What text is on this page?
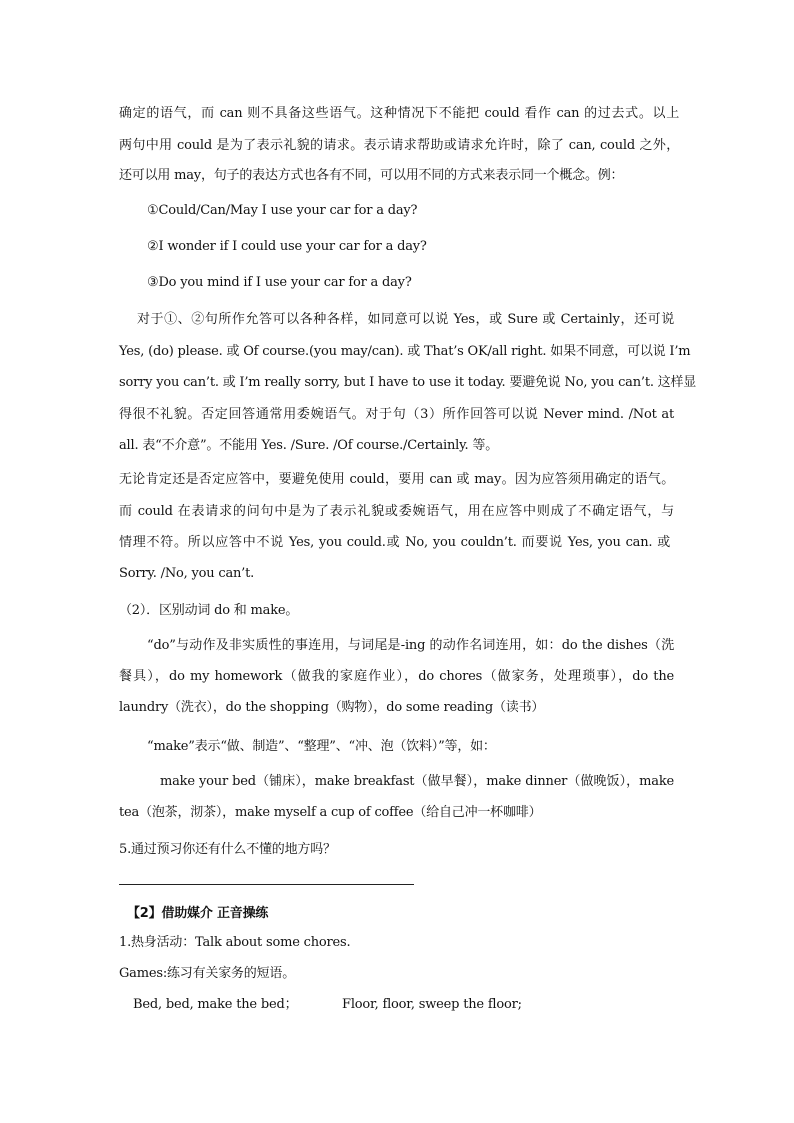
确定的语气，而 can 则不具备这些语气。这种情况下不能把 could 看作 can 的过去式。以上
两句中用 could 是为了表示礼貌的请求。表示请求帮助或请求允许时，除了 can, could 之外，
还可以用 may，句子的表达方式也各有不同，可以用不同的方式来表示同一个概念。例：
①Could/Can/May I use your car for a day?
②I wonder if I could use your car for a day?
③Do you mind if I use your car for a day?
对于①、②句所作允答可以各种各样，如同意可以说 Yes，或 Sure 或 Certainly，还可说
Yes, (do) please. 或 Of course.(you may/can). 或 That’s OK/all right. 如果不同意，可以说 I’m
sorry you can’t. 或 I’m really sorry, but I have to use it today. 要避免说 No, you can’t. 这样显
得很不礼貌。否定回答通常用委婉语气。对于句（3）所作回答可以说 Never mind. /Not at
all. 表“不介意”。不能用 Yes. /Sure. /Of course./Certainly. 等。
无论肯定还是否定应答中，要避免使用 could，要用 can 或 may。因为应答须用确定的语气。
而 could 在表请求的问句中是为了表示礼貌或委婉语气，用在应答中则成了不确定语气，与
情理不符。所以应答中不说 Yes, you could.或 No, you couldn’t. 而要说 Yes, you can. 或
Sorry. /No, you can’t.
（2）．区别动词 do 和 make。
“do”与动作及非实质性的事连用，与词尾是-ing 的动作名词连用，如：do the dishes（洗
餐具），do my homework（做我的家庭作业），do chores（做家务，处理琐事），do the
laundry（洗衣），do the shopping（购物），do some reading（读书）
“make”表示“做、制造”、“整理”、“冲、泡（饮料）”等，如：
make your bed（铺床），make breakfast（做早餐），make dinner（做晚饭），make
tea（泡茶，沏茶），make myself a cup of coffee（给自己冲一杯咖啡）
5.通过预习你还有什么不懂的地方吗？
【2】借助媒介 正音操练
1.热身活动：Talk about some chores.
Games:练习有关家务的短语。
Bed, bed, make the bed；	Floor, floor, sweep the floor;
